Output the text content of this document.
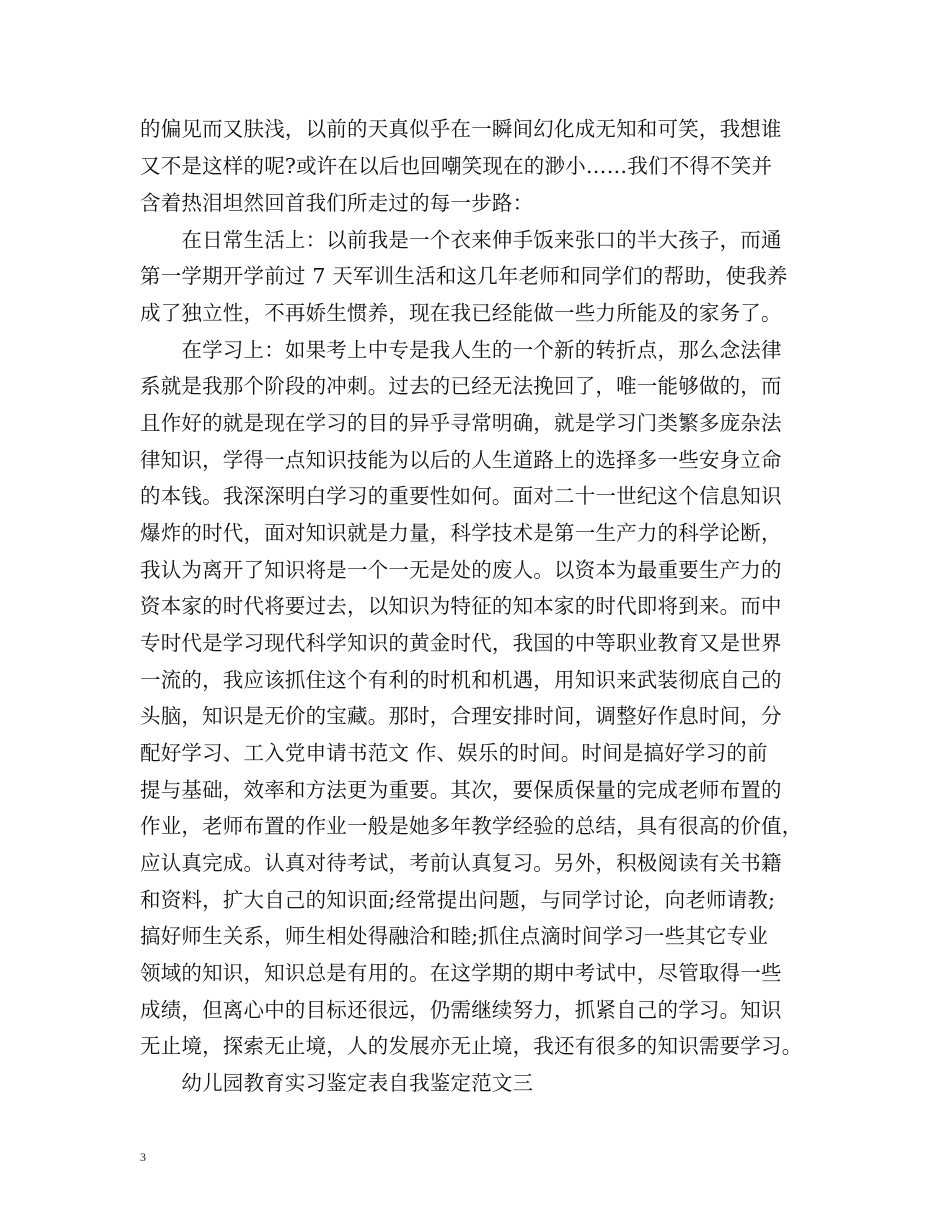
的偏见而又肤浅，以前的天真似乎在一瞬间幻化成无知和可笑，我想谁
又不是这样的呢?或许在以后也回嘲笑现在的渺小……我们不得不笑并
含着热泪坦然回首我们所走过的每一步路：
　　在日常生活上：以前我是一个衣来伸手饭来张口的半大孩子，而通
第一学期开学前过 7 天军训生活和这几年老师和同学们的帮助，使我养
成了独立性，不再娇生惯养，现在我已经能做一些力所能及的家务了。
　　在学习上：如果考上中专是我人生的一个新的转折点，那么念法律
系就是我那个阶段的冲刺。过去的已经无法挽回了，唯一能够做的，而
且作好的就是现在学习的目的异乎寻常明确，就是学习门类繁多庞杂法
律知识，学得一点知识技能为以后的人生道路上的选择多一些安身立命
的本钱。我深深明白学习的重要性如何。面对二十一世纪这个信息知识
爆炸的时代，面对知识就是力量，科学技术是第一生产力的科学论断，
我认为离开了知识将是一个一无是处的废人。以资本为最重要生产力的
资本家的时代将要过去，以知识为特征的知本家的时代即将到来。而中
专时代是学习现代科学知识的黄金时代，我国的中等职业教育又是世界
一流的，我应该抓住这个有利的时机和机遇，用知识来武装彻底自己的
头脑，知识是无价的宝藏。那时，合理安排时间，调整好作息时间，分
配好学习、工入党申请书范文 作、娱乐的时间。时间是搞好学习的前
提与基础，效率和方法更为重要。其次，要保质保量的完成老师布置的
作业，老师布置的作业一般是她多年教学经验的总结，具有很高的价值，
应认真完成。认真对待考试，考前认真复习。另外，积极阅读有关书籍
和资料，扩大自己的知识面;经常提出问题，与同学讨论，向老师请教;
搞好师生关系，师生相处得融洽和睦;抓住点滴时间学习一些其它专业
领域的知识，知识总是有用的。在这学期的期中考试中，尽管取得一些
成绩，但离心中的目标还很远，仍需继续努力，抓紧自己的学习。知识
无止境，探索无止境，人的发展亦无止境，我还有很多的知识需要学习。
　　幼儿园教育实习鉴定表自我鉴定范文三
3
